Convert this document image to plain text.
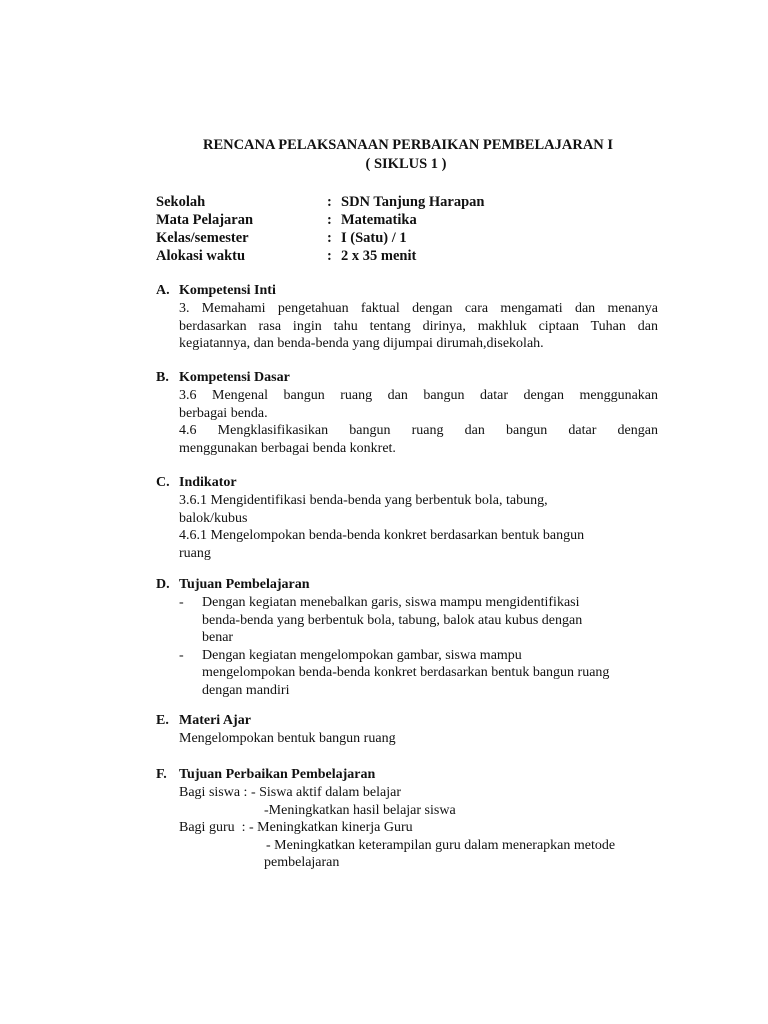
RENCANA PELAKSANAAN PERBAIKAN PEMBELAJARAN I
( SIKLUS 1 )
Sekolah	: SDN Tanjung Harapan
Mata Pelajaran	: Matematika
Kelas/semester	: I (Satu) / 1
Alokasi waktu	: 2 x 35 menit
A. Kompetensi Inti
3. Memahami pengetahuan faktual dengan cara mengamati dan menanya
berdasarkan rasa ingin tahu tentang dirinya, makhluk ciptaan Tuhan dan
kegiatannya, dan benda-benda yang dijumpai dirumah,disekolah.
B. Kompetensi Dasar
3.6 Mengenal bangun ruang dan bangun datar dengan menggunakan
berbagai benda.
4.6 Mengklasifikasikan bangun ruang dan bangun datar dengan
menggunakan berbagai benda konkret.
C. Indikator
3.6.1 Mengidentifikasi benda-benda yang berbentuk bola, tabung,
balok/kubus
4.6.1 Mengelompokan benda-benda konkret berdasarkan bentuk bangun
ruang
D. Tujuan Pembelajaran
- Dengan kegiatan menebalkan garis, siswa mampu mengidentifikasi
benda-benda yang berbentuk bola, tabung, balok atau kubus dengan
benar
- Dengan kegiatan mengelompokan gambar, siswa mampu
mengelompokan benda-benda konkret berdasarkan bentuk bangun ruang
dengan mandiri
E. Materi Ajar
Mengelompokan bentuk bangun ruang
F. Tujuan Perbaikan Pembelajaran
Bagi siswa : - Siswa aktif dalam belajar
-Meningkatkan hasil belajar siswa
Bagi guru  : - Meningkatkan kinerja Guru
- Meningkatkan keterampilan guru dalam menerapkan metode
pembelajaran
